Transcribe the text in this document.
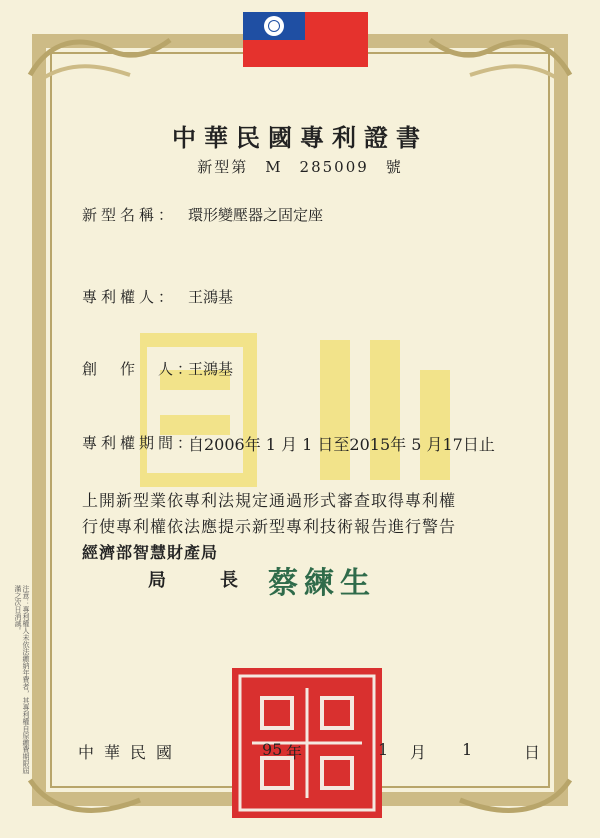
中華民國專利證書
新型第　M　285009　號
新型名稱： 環形變壓器之固定座
專利權人： 王鴻基
創　作　人：
王鴻基
專利權期間：
自2006年 1 月 1 日至2015年 5 月17日止
上開新型業依專利法規定通過形式審查取得專利權
行使專利權依法應提示新型專利技術報告進行警告
經濟部智慧財產局
局　　長 蔡練生
注意：專利權人未依法繳納年費者，其專利權自原繳費期限屆滿之次日消滅。
中華民國	95 年	1 月 1	日
